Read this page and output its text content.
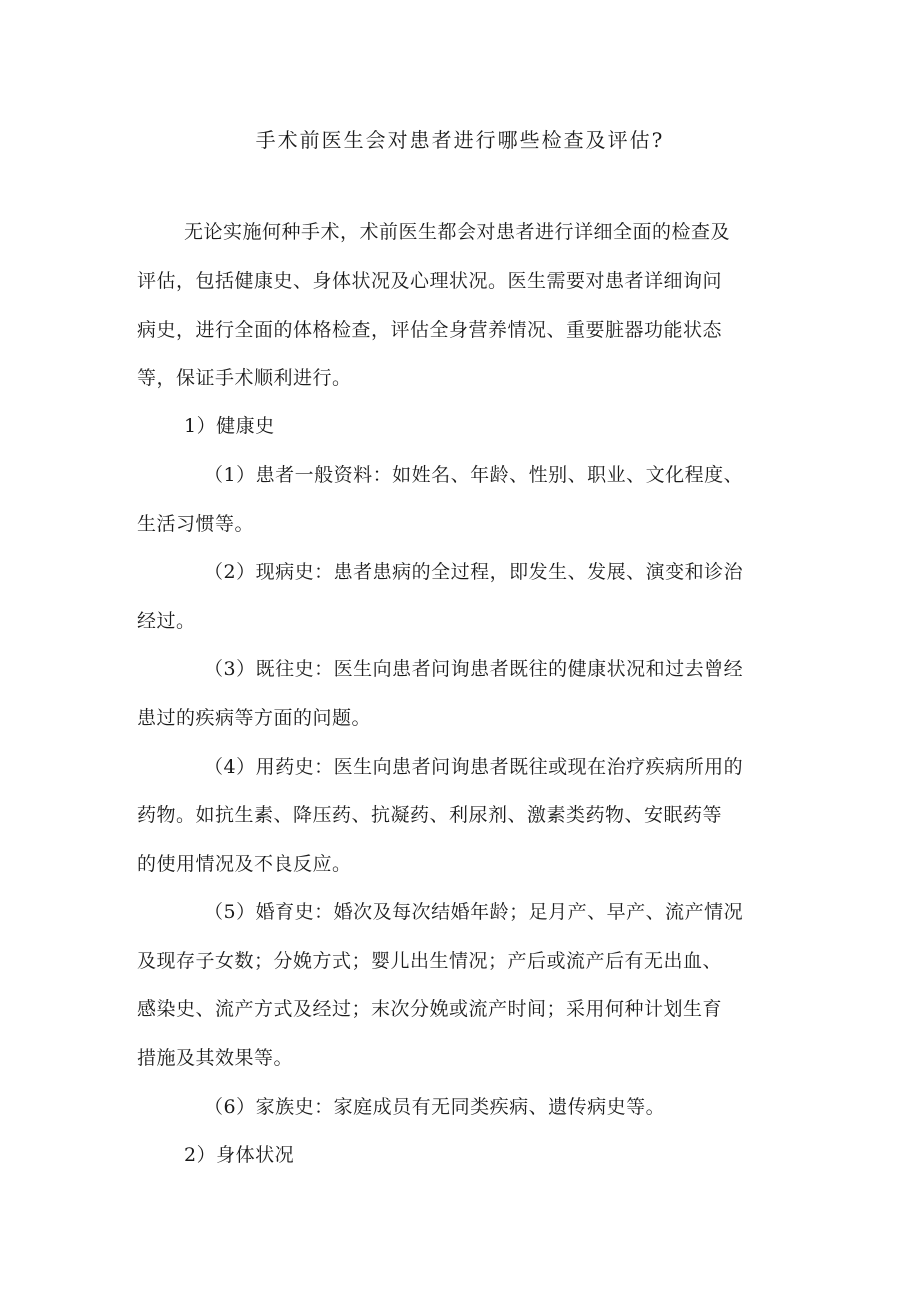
手术前医生会对患者进行哪些检查及评估?
无论实施何种手术，术前医生都会对患者进行详细全面的检查及
评估，包括健康史、身体状况及心理状况。医生需要对患者详细询问
病史，进行全面的体格检查，评估全身营养情况、重要脏器功能状态
等，保证手术顺利进行。
1）健康史
（1）患者一般资料：如姓名、年龄、性别、职业、文化程度、
生活习惯等。
（2）现病史：患者患病的全过程，即发生、发展、演变和诊治
经过。
（3）既往史：医生向患者问询患者既往的健康状况和过去曾经
患过的疾病等方面的问题。
（4）用药史：医生向患者问询患者既往或现在治疗疾病所用的
药物。如抗生素、降压药、抗凝药、利尿剂、激素类药物、安眠药等
的使用情况及不良反应。
（5）婚育史：婚次及每次结婚年龄；足月产、早产、流产情况
及现存子女数；分娩方式；婴儿出生情况；产后或流产后有无出血、
感染史、流产方式及经过；末次分娩或流产时间；采用何种计划生育
措施及其效果等。
（6）家族史：家庭成员有无同类疾病、遗传病史等。
2）身体状况
